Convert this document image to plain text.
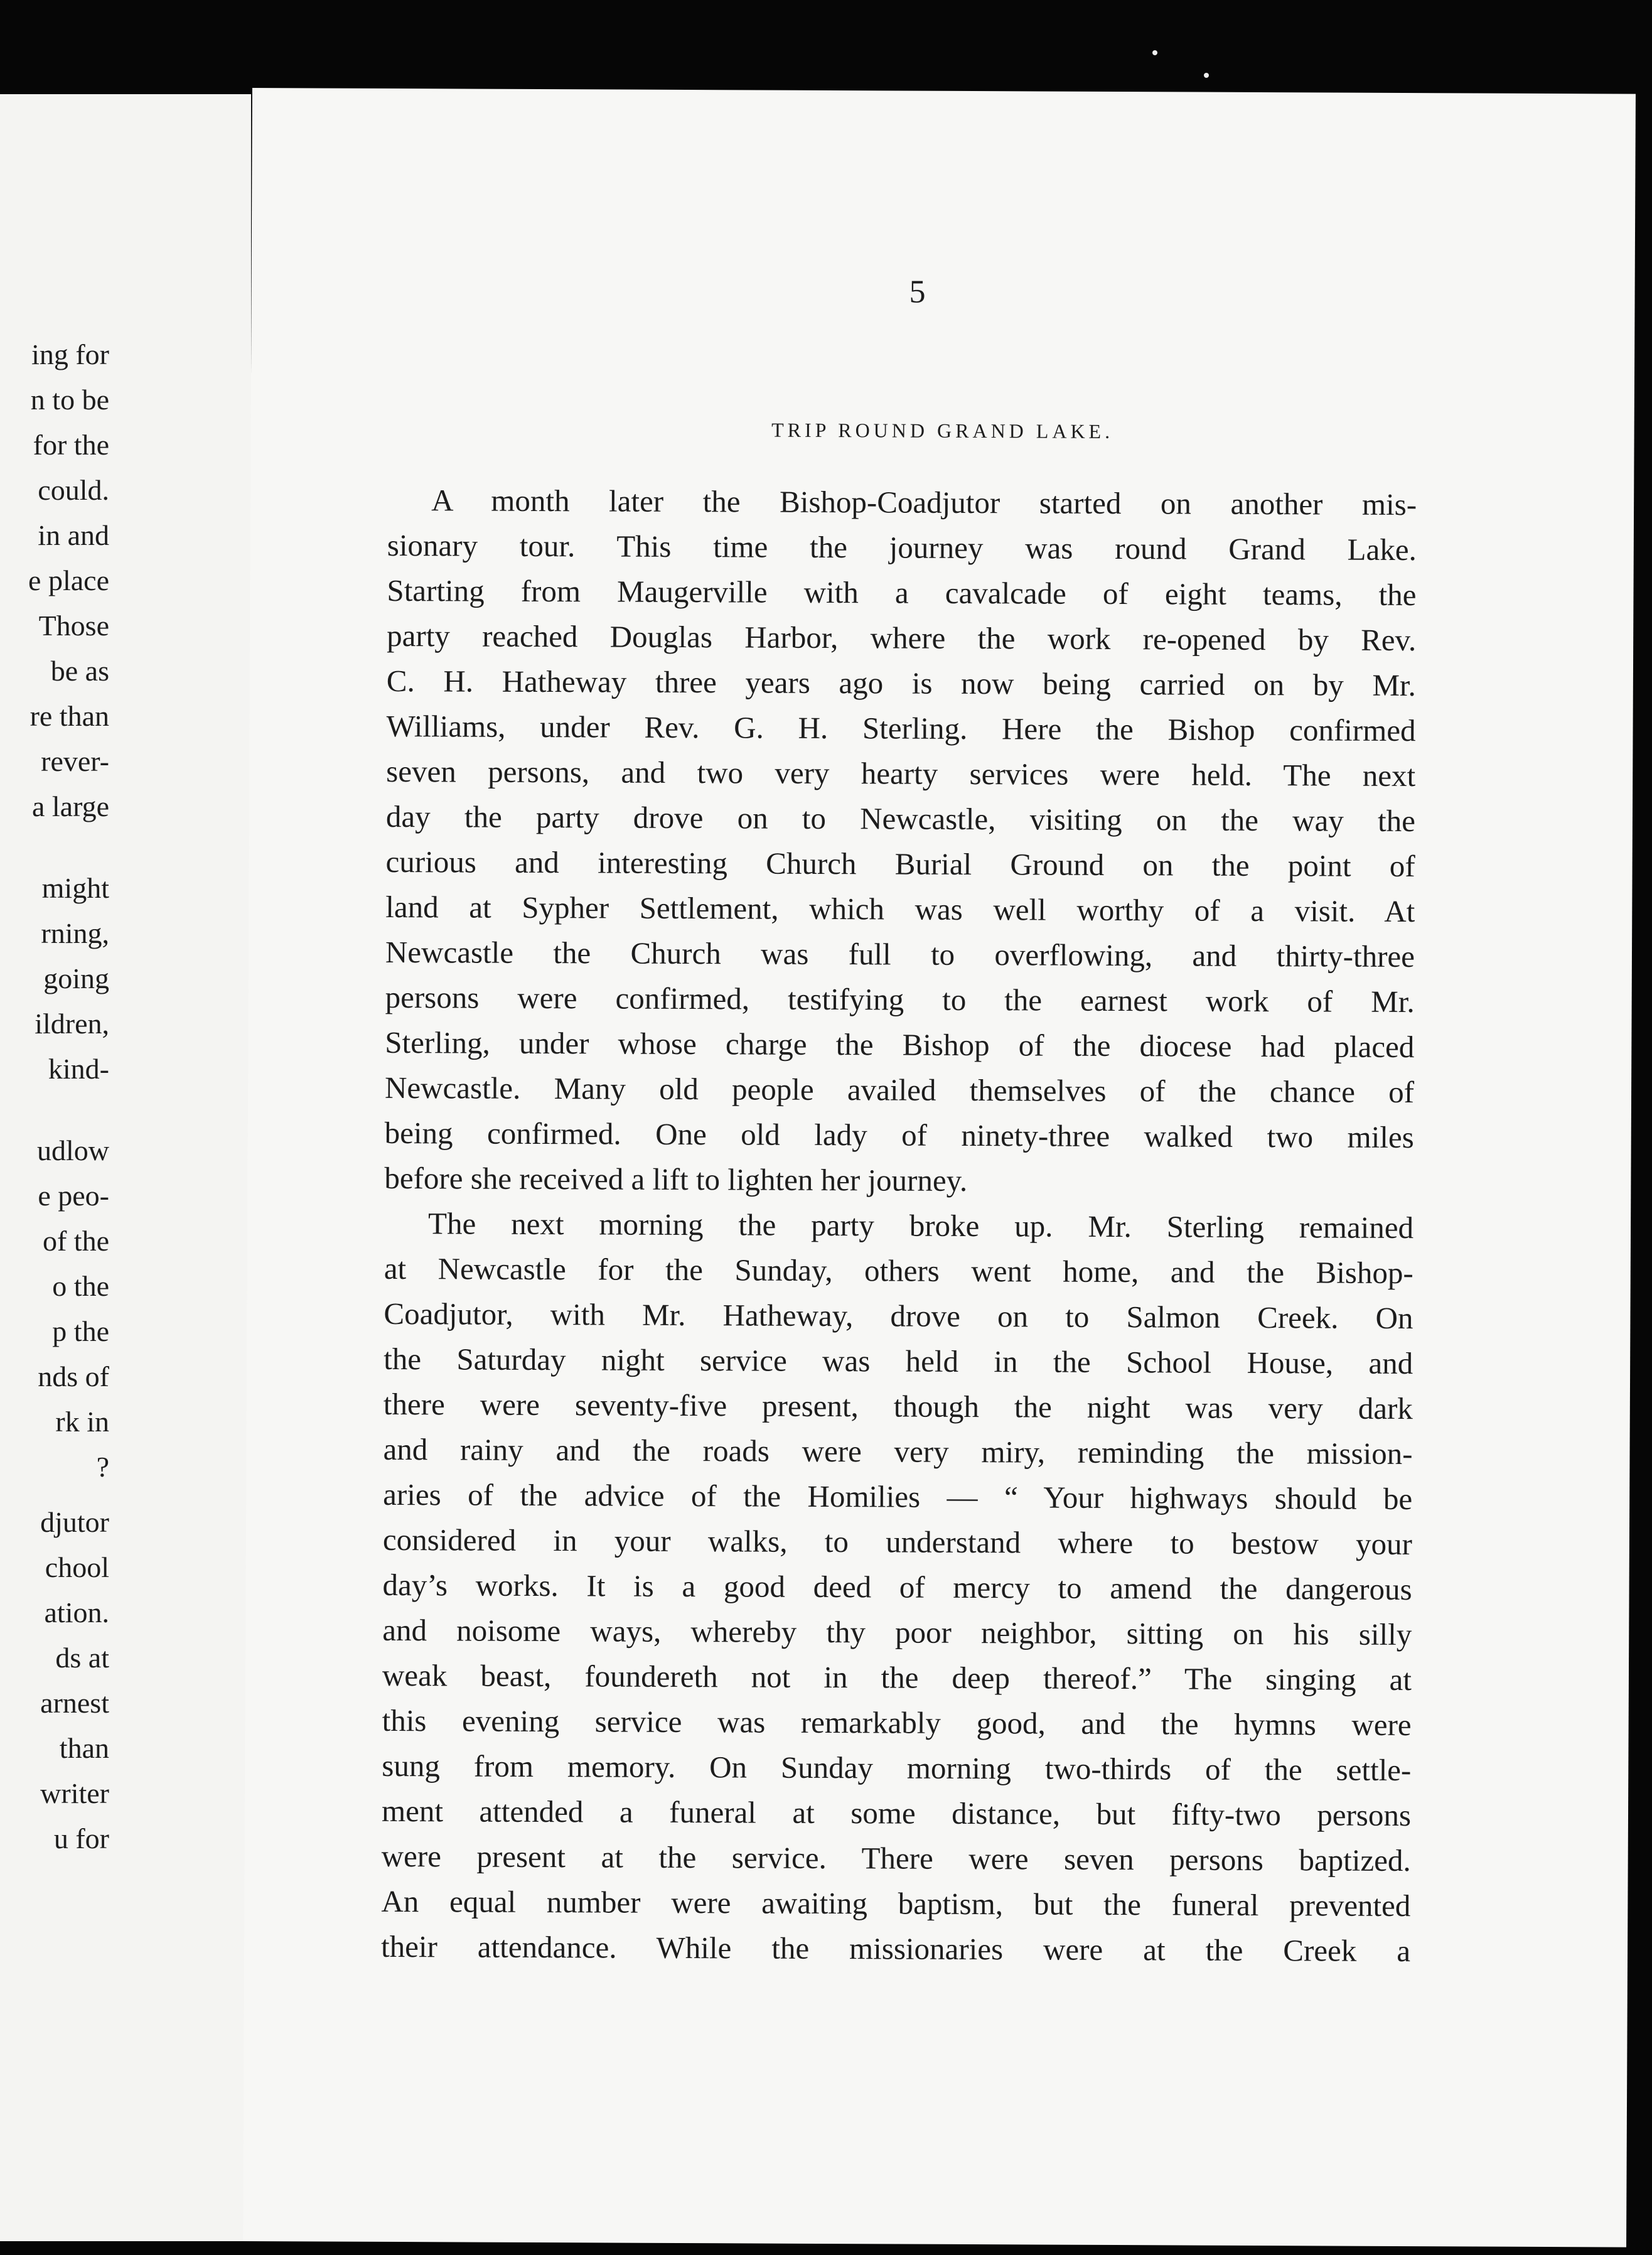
ing for
n to be
for the
could.
in and
e place
Those
be as
re than
rever-
a large
might
rning,
going
ildren,
kind-
udlow
e peo-
of the
o the
p the
nds of
rk in
?
djutor
chool
ation.
ds at
arnest
than
writer
u for
5
TRIP ROUND GRAND LAKE.
A month later the Bishop-Coadjutor started on another mis-
sionary tour. This time the journey was round Grand Lake.
Starting from Maugerville with a cavalcade of eight teams, the
party reached Douglas Harbor, where the work re-opened by Rev.
C. H. Hatheway three years ago is now being carried on by Mr.
Williams, under Rev. G. H. Sterling. Here the Bishop confirmed
seven persons, and two very hearty services were held. The next
day the party drove on to Newcastle, visiting on the way the
curious and interesting Church Burial Ground on the point of
land at Sypher Settlement, which was well worthy of a visit. At
Newcastle the Church was full to overflowing, and thirty-three
persons were confirmed, testifying to the earnest work of Mr.
Sterling, under whose charge the Bishop of the diocese had placed
Newcastle. Many old people availed themselves of the chance of
being confirmed. One old lady of ninety-three walked two miles
before she received a lift to lighten her journey.
The next morning the party broke up. Mr. Sterling remained
at Newcastle for the Sunday, others went home, and the Bishop-
Coadjutor, with Mr. Hatheway, drove on to Salmon Creek. On
the Saturday night service was held in the School House, and
there were seventy-five present, though the night was very dark
and rainy and the roads were very miry, reminding the mission-
aries of the advice of the Homilies — “ Your highways should be
considered in your walks, to understand where to bestow your
day’s works. It is a good deed of mercy to amend the dangerous
and noisome ways, whereby thy poor neighbor, sitting on his silly
weak beast, foundereth not in the deep thereof.” The singing at
this evening service was remarkably good, and the hymns were
sung from memory. On Sunday morning two-thirds of the settle-
ment attended a funeral at some distance, but fifty-two persons
were present at the service. There were seven persons baptized.
An equal number were awaiting baptism, but the funeral prevented
their attendance. While the missionaries were at the Creek a
